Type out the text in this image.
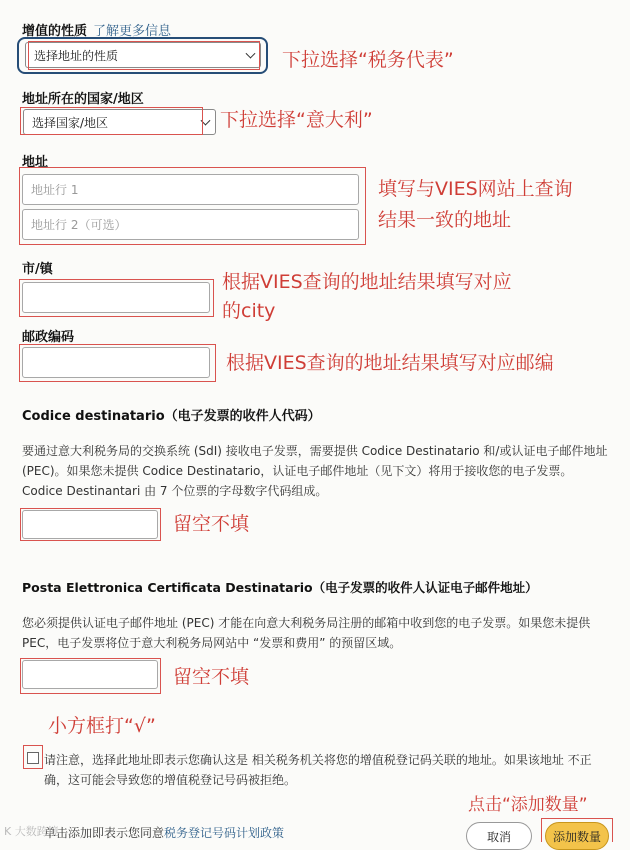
增值的性质 了解更多信息
选择地址的性质	下拉选择“税务代表”
地址所在的国家/地区
选择国家/地区	下拉选择“意大利”
地址
地址行 1
地址行 2（可选）
填写与VIES网站上查询
结果一致的地址
市/镇
根据VIES查询的地址结果填写对应
的city
邮政编码
根据VIES查询的地址结果填写对应邮编
Codice destinatario（电子发票的收件人代码）
要通过意大利税务局的交换系统 (SdI) 接收电子发票，需要提供 Codice Destinatario 和/或认证电子邮件地址 (PEC)。如果您未提供 Codice Destinatario，认证电子邮件地址（见下文）将用于接收您的电子发票。Codice Destinantari 由 7 个位票的字母数字代码组成。
留空不填
Posta Elettronica Certificata Destinatario（电子发票的收件人认证电子邮件地址）
您必须提供认证电子邮件地址 (PEC) 才能在向意大利税务局注册的邮箱中收到您的电子发票。如果您未提供 PEC，电子发票将位于意大利税务局网站中 “发票和费用” 的预留区域。
留空不填
小方框打“√”
请注意，选择此地址即表示您确认这是 相关税务机关将您的增值税登记码关联的地址。如果该地址 不正确，这可能会导致您的增值税登记号码被拒绝。
点击“添加数量”
单击添加即表示您同意税务登记号码计划政策	取消	添加数量
K 大数跨境
